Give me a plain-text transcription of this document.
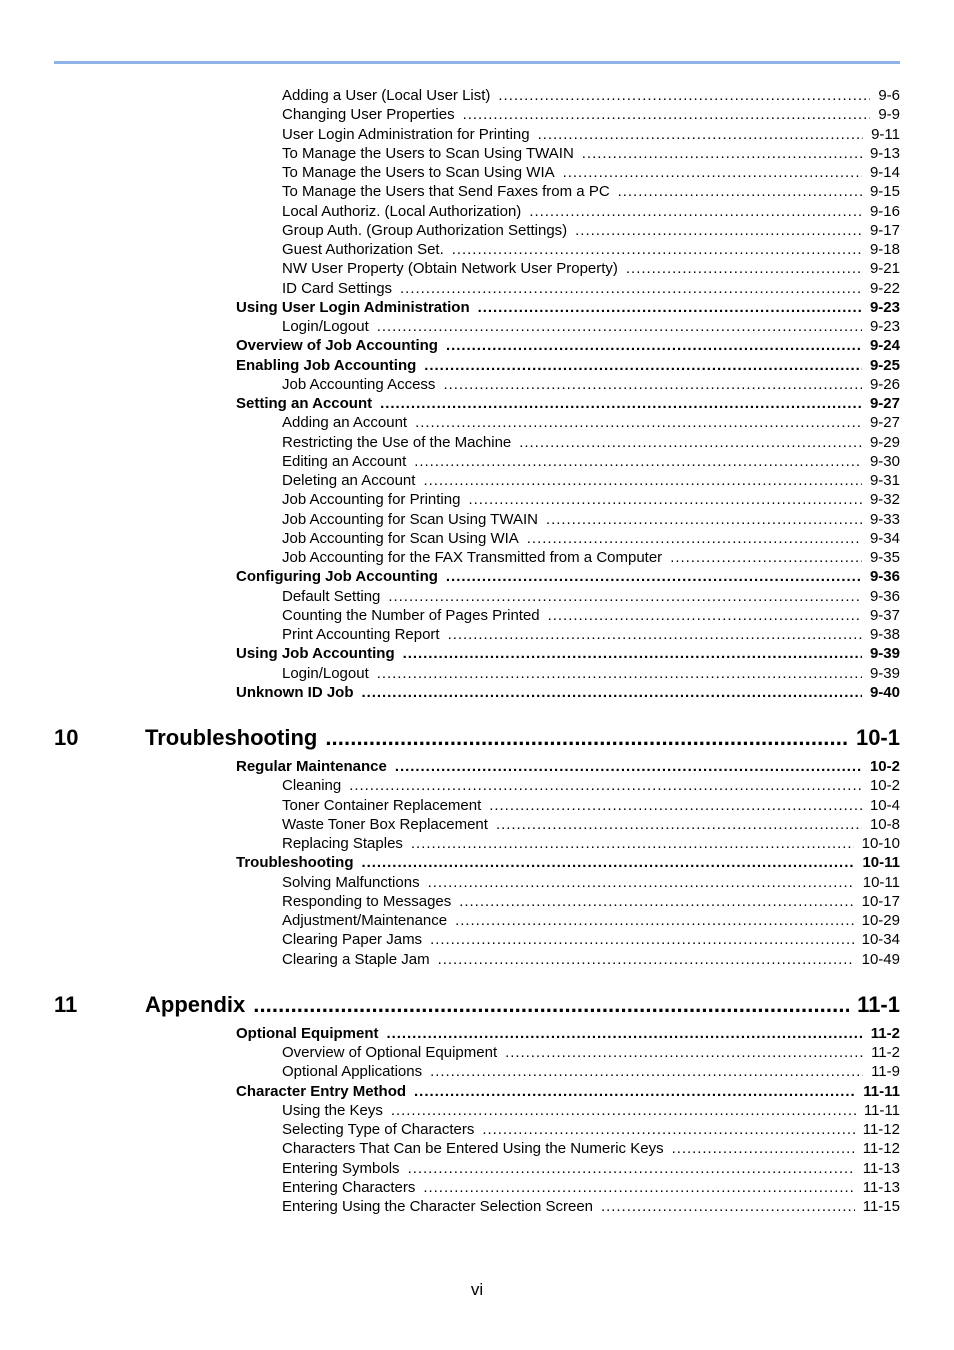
Adding a User (Local User List) . . .	9-6
Changing User Properties . . .	9-9
User Login Administration for Printing . . .	9-11
To Manage the Users to Scan Using TWAIN . . .	9-13
To Manage the Users to Scan Using WIA . . .	9-14
To Manage the Users that Send Faxes from a PC . . .	9-15
Local Authoriz. (Local Authorization) . . .	9-16
Group Auth. (Group Authorization Settings) . . .	9-17
Guest Authorization Set. . . .	9-18
NW User Property (Obtain Network User Property) . . .	9-21
ID Card Settings . . .	9-22
Using User Login Administration . . .	9-23
Login/Logout . . .	9-23
Overview of Job Accounting . . .	9-24
Enabling Job Accounting . . .	9-25
Job Accounting Access . . .	9-26
Setting an Account . . .	9-27
Adding an Account . . .	9-27
Restricting the Use of the Machine . . .	9-29
Editing an Account . . .	9-30
Deleting an Account . . .	9-31
Job Accounting for Printing . . .	9-32
Job Accounting for Scan Using TWAIN . . .	9-33
Job Accounting for Scan Using WIA . . .	9-34
Job Accounting for the FAX Transmitted from a Computer . . .	9-35
Configuring Job Accounting . . .	9-36
Default Setting . . .	9-36
Counting the Number of Pages Printed . . .	9-37
Print Accounting Report . . .	9-38
Using Job Accounting . . .	9-39
Login/Logout . . .	9-39
Unknown ID Job . . .	9-40
10	Troubleshooting . . .	10-1
Regular Maintenance . . .	10-2
Cleaning . . .	10-2
Toner Container Replacement . . .	10-4
Waste Toner Box Replacement . . .	10-8
Replacing Staples . . .	10-10
Troubleshooting . . .	10-11
Solving Malfunctions . . .	10-11
Responding to Messages . . .	10-17
Adjustment/Maintenance . . .	10-29
Clearing Paper Jams . . .	10-34
Clearing a Staple Jam . . .	10-49
11	Appendix . . .	11-1
Optional Equipment . . .	11-2
Overview of Optional Equipment . . .	11-2
Optional Applications . . .	11-9
Character Entry Method . . .	11-11
Using the Keys . . .	11-11
Selecting Type of Characters . . .	11-12
Characters That Can be Entered Using the Numeric Keys . . .	11-12
Entering Symbols . . .	11-13
Entering Characters . . .	11-13
Entering Using the Character Selection Screen . . .	11-15
vi
